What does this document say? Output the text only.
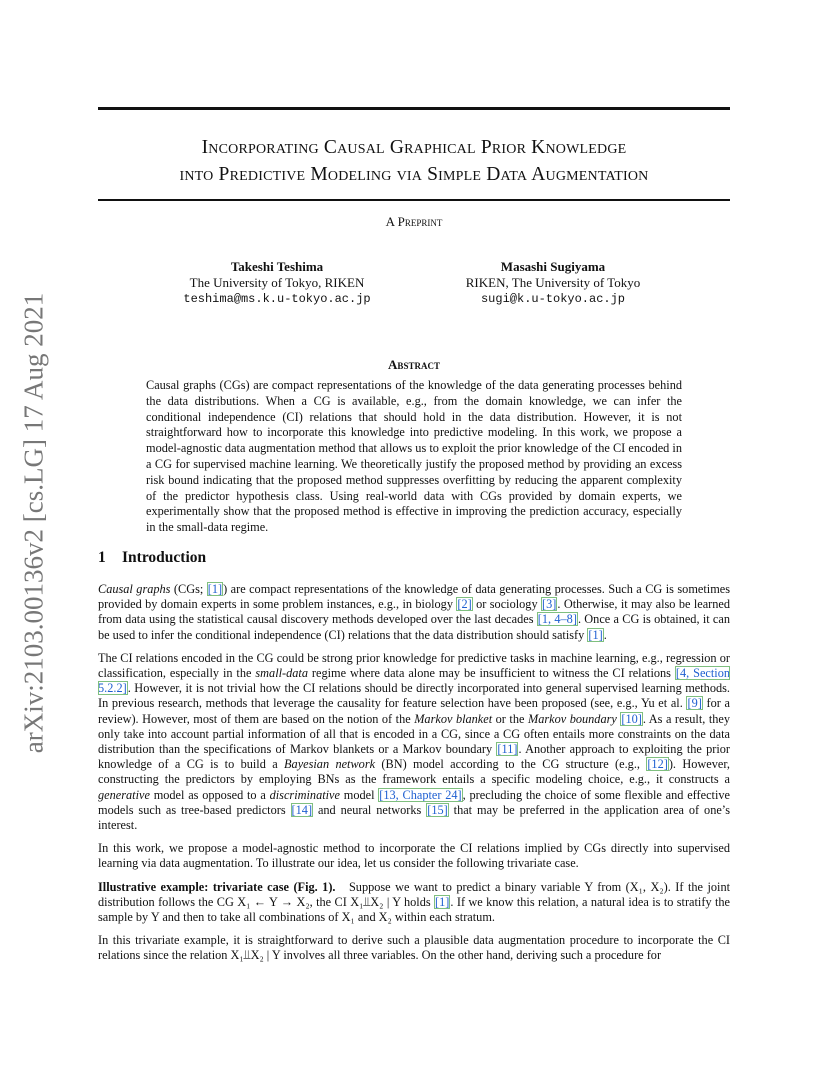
Incorporating Causal Graphical Prior Knowledge
into Predictive Modeling via Simple Data Augmentation
A Preprint
Takeshi Teshima
The University of Tokyo, RIKEN
teshima@ms.k.u-tokyo.ac.jp
Masashi Sugiyama
RIKEN, The University of Tokyo
sugi@k.u-tokyo.ac.jp
arXiv:2103.00136v2 [cs.LG] 17 Aug 2021	Abstract
Causal graphs (CGs) are compact representations of the knowledge of the data generating processes behind the data distributions. When a CG is available, e.g., from the domain knowledge, we can infer the conditional independence (CI) relations that should hold in the data distribution. However, it is not straightforward how to incorporate this knowledge into predictive modeling. In this work, we propose a model-agnostic data augmentation method that allows us to exploit the prior knowledge of the CI encoded in a CG for supervised machine learning. We theoretically justify the proposed method by providing an excess risk bound indicating that the proposed method suppresses overfitting by reducing the apparent complexity of the predictor hypothesis class. Using real-world data with CGs provided by domain experts, we experimentally show that the proposed method is effective in improving the prediction accuracy, especially in the small-data regime.
1 Introduction

Causal graphs (CGs; [1]) are compact representations of the knowledge of data generating processes. Such a CG is sometimes provided by domain experts in some problem instances, e.g., in biology [2] or sociology [3]. Otherwise, it may also be learned from data using the statistical causal discovery methods developed over the last decades [1, 4–8]. Once a CG is obtained, it can be used to infer the conditional independence (CI) relations that the data distribution should satisfy [1].

The CI relations encoded in the CG could be strong prior knowledge for predictive tasks in machine learning, e.g., regression or classification, especially in the small-data regime where data alone may be insufficient to witness the CI relations [4, Section 5.2.2]. However, it is not trivial how the CI relations should be directly incorporated into general supervised learning methods. In previous research, methods that leverage the causality for feature selection have been proposed (see, e.g., Yu et al. [9] for a review). However, most of them are based on the notion of the Markov blanket or the Markov boundary [10]. As a result, they only take into account partial information of all that is encoded in a CG, since a CG often entails more constraints on the data distribution than the specifications of Markov blankets or a Markov boundary [11]. Another approach to exploiting the prior knowledge of a CG is to build a Bayesian network (BN) model according to the CG structure (e.g., [12]). However, constructing the predictors by employing BNs as the framework entails a specific modeling choice, e.g., it constructs a generative model as opposed to a discriminative model [13, Chapter 24], precluding the choice of some flexible and effective models such as tree-based predictors [14] and neural networks [15] that may be preferred in the application area of one’s interest.

In this work, we propose a model-agnostic method to incorporate the CI relations implied by CGs directly into supervised learning via data augmentation. To illustrate our idea, let us consider the following trivariate case.

Illustrative example: trivariate case (Fig. 1). Suppose we want to predict a binary variable Y from (X₁, X₂). If the joint distribution follows the CG X₁ ← Y → X₂, the CI X₁⫫X₂ | Y holds [1]. If we know this relation, a natural idea is to stratify the sample by Y and then to take all combinations of X₁ and X₂ within each stratum.

In this trivariate example, it is straightforward to derive such a plausible data augmentation procedure to incorporate the CI relations since the relation X₁⫫X₂ | Y involves all three variables. On the other hand, deriving such a procedure for
